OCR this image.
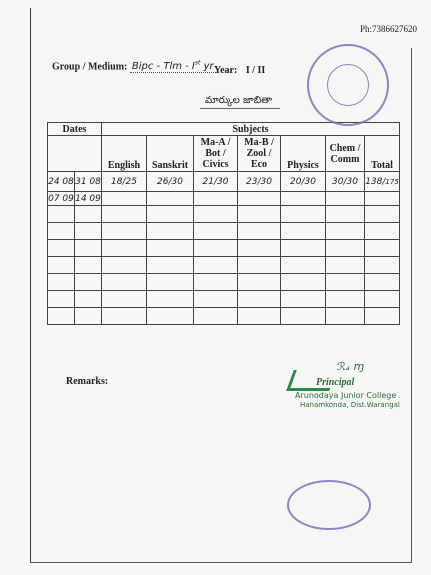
Ph:7386627620
Group / Medium: Bipc - Tlm - Ist yr Year: I / II
మార్కుల జాబితా
Dates		Subjects						
		English	Sanskrit	Ma-A / Bot / Civics	Ma-B / Zool / Eco	Physics	Chem / Comm	Total
24 08	31 08	18/25	26/30	21/30	23/30	20/30	30/30	138/175
07 09	14 09							

Remarks:
ℛ𝓈 ɱ
Principal
Arunodaya Junior College
Hanamkonda, Dist.Warangal
